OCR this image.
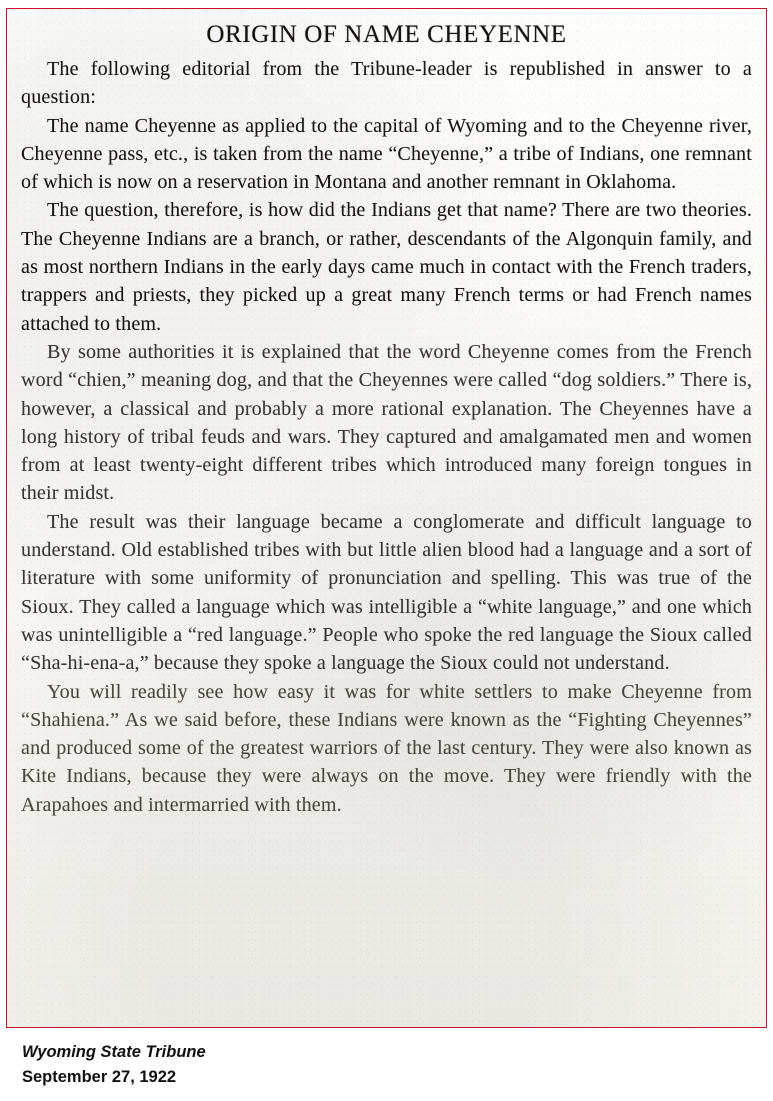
ORIGIN OF NAME CHEYENNE

The following editorial from the Tribune-leader is republished in answer to a question:

The name Cheyenne as applied to the capital of Wyoming and to the Cheyenne river, Cheyenne pass, etc., is taken from the name “Cheyenne,” a tribe of Indians, one remnant of which is now on a reservation in Montana and another remnant in Oklahoma.

The question, therefore, is how did the Indians get that name? There are two theories. The Cheyenne Indians are a branch, or rather, descendants of the Algonquin family, and as most northern Indians in the early days came much in contact with the French traders, trappers and priests, they picked up a great many French terms or had French names attached to them.

By some authorities it is explained that the word Cheyenne comes from the French word “chien,” meaning dog, and that the Cheyennes were called “dog soldiers.” There is, however, a classical and probably a more rational explanation. The Cheyennes have a long history of tribal feuds and wars. They captured and amalgamated men and women from at least twenty-eight different tribes which introduced many foreign tongues in their midst.

The result was their language became a conglomerate and difficult language to understand. Old established tribes with but little alien blood had a language and a sort of literature with some uniformity of pronunciation and spelling. This was true of the Sioux. They called a language which was intelligible a “white language,” and one which was unintelligible a “red language.” People who spoke the red language the Sioux called “Sha-hi-ena-a,” because they spoke a language the Sioux could not understand.

You will readily see how easy it was for white settlers to make Cheyenne from “Shahiena.” As we said before, these Indians were known as the “Fighting Cheyennes” and produced some of the greatest warriors of the last century. They were also known as Kite Indians, because they were always on the move. They were friendly with the Arapahoes and intermarried with them.

Wyoming State Tribune
September 27, 1922
